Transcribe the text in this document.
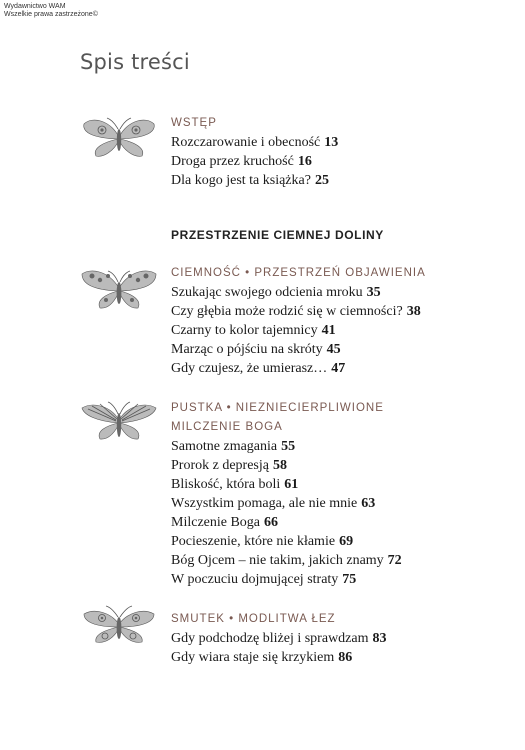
Wydawnictwo WAM
Wszelkie prawa zastrzeżone©
Spis treści
WSTĘP
Rozczarowanie i obecność 13
Droga przez kruchość 16
Dla kogo jest ta książka? 25
PRZESTRZENIE CIEMNEJ DOLINY
CIEMNOŚĆ • PRZESTRZEŃ OBJAWIENIA
Szukając swojego odcienia mroku 35
Czy głębia może rodzić się w ciemności? 38
Czarny to kolor tajemnicy 41
Marząc o pójściu na skróty 45
Gdy czujesz, że umierasz… 47
PUSTKA • NIEZNIECIERPLIWIONE
MILCZENIE BOGA
Samotne zmagania 55
Prorok z depresją 58
Bliskość, która boli 61
Wszystkim pomaga, ale nie mnie 63
Milczenie Boga 66
Pocieszenie, które nie kłamie 69
Bóg Ojcem – nie takim, jakich znamy 72
W poczuciu dojmującej straty 75
SMUTEK • MODLITWA ŁEZ
Gdy podchodzę bliżej i sprawdzam 83
Gdy wiara staje się krzykiem 86
